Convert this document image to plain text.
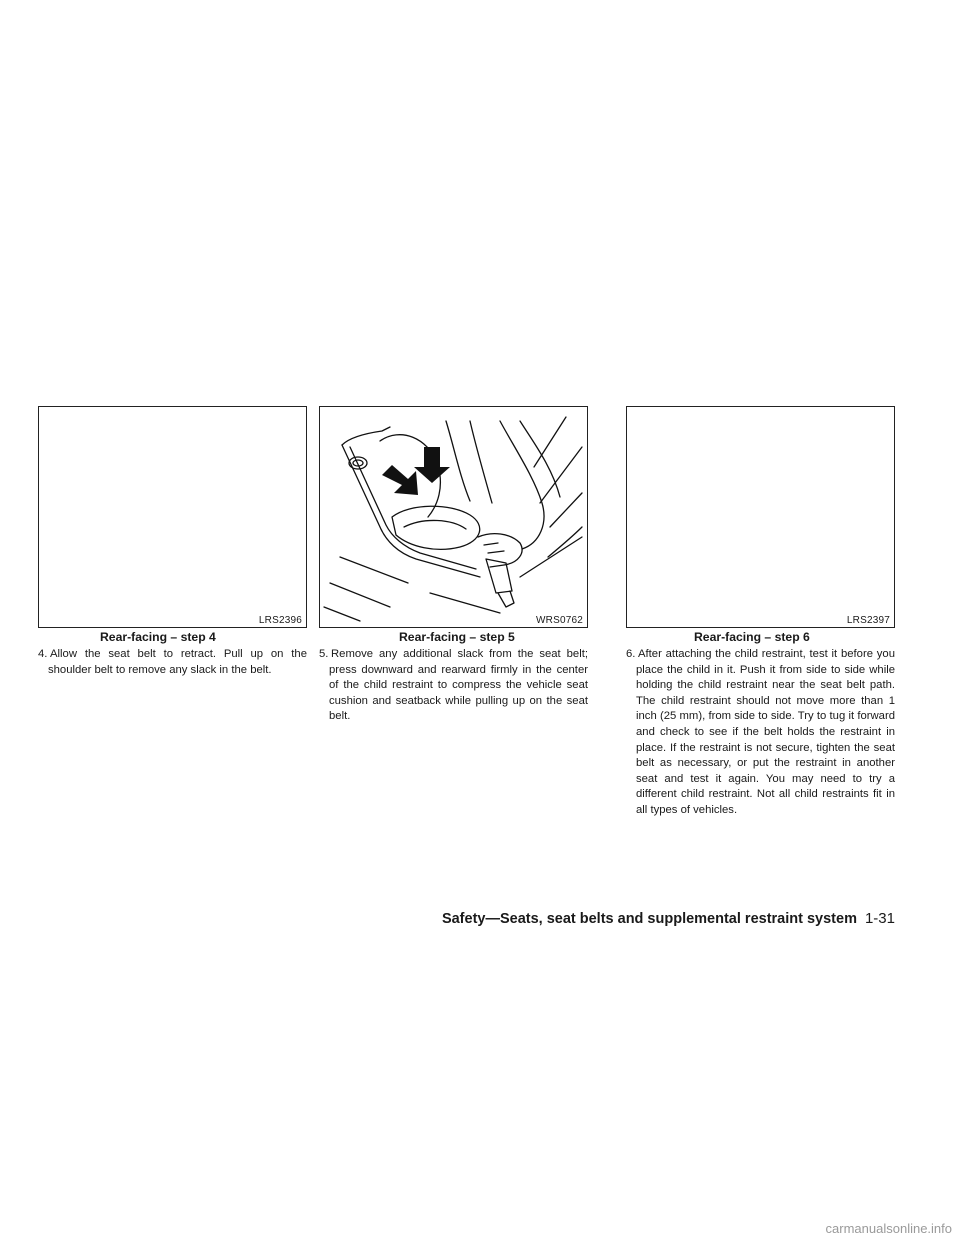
LRS2396
Rear-facing – step 4
4. Allow the seat belt to retract. Pull up on the shoulder belt to remove any slack in the belt.
WRS0762
Rear-facing – step 5
5. Remove any additional slack from the seat belt; press downward and rearward firmly in the center of the child restraint to compress the vehicle seat cushion and seatback while pulling up on the seat belt.
LRS2397
Rear-facing – step 6
6. After attaching the child restraint, test it before you place the child in it. Push it from side to side while holding the child restraint near the seat belt path. The child restraint should not move more than 1 inch (25 mm), from side to side. Try to tug it forward and check to see if the belt holds the restraint in place. If the restraint is not secure, tighten the seat belt as necessary, or put the restraint in another seat and test it again. You may need to try a different child restraint. Not all child restraints fit in all types of vehicles.
Safety—Seats, seat belts and supplemental restraint system 1-31
carmanualsonline.info
